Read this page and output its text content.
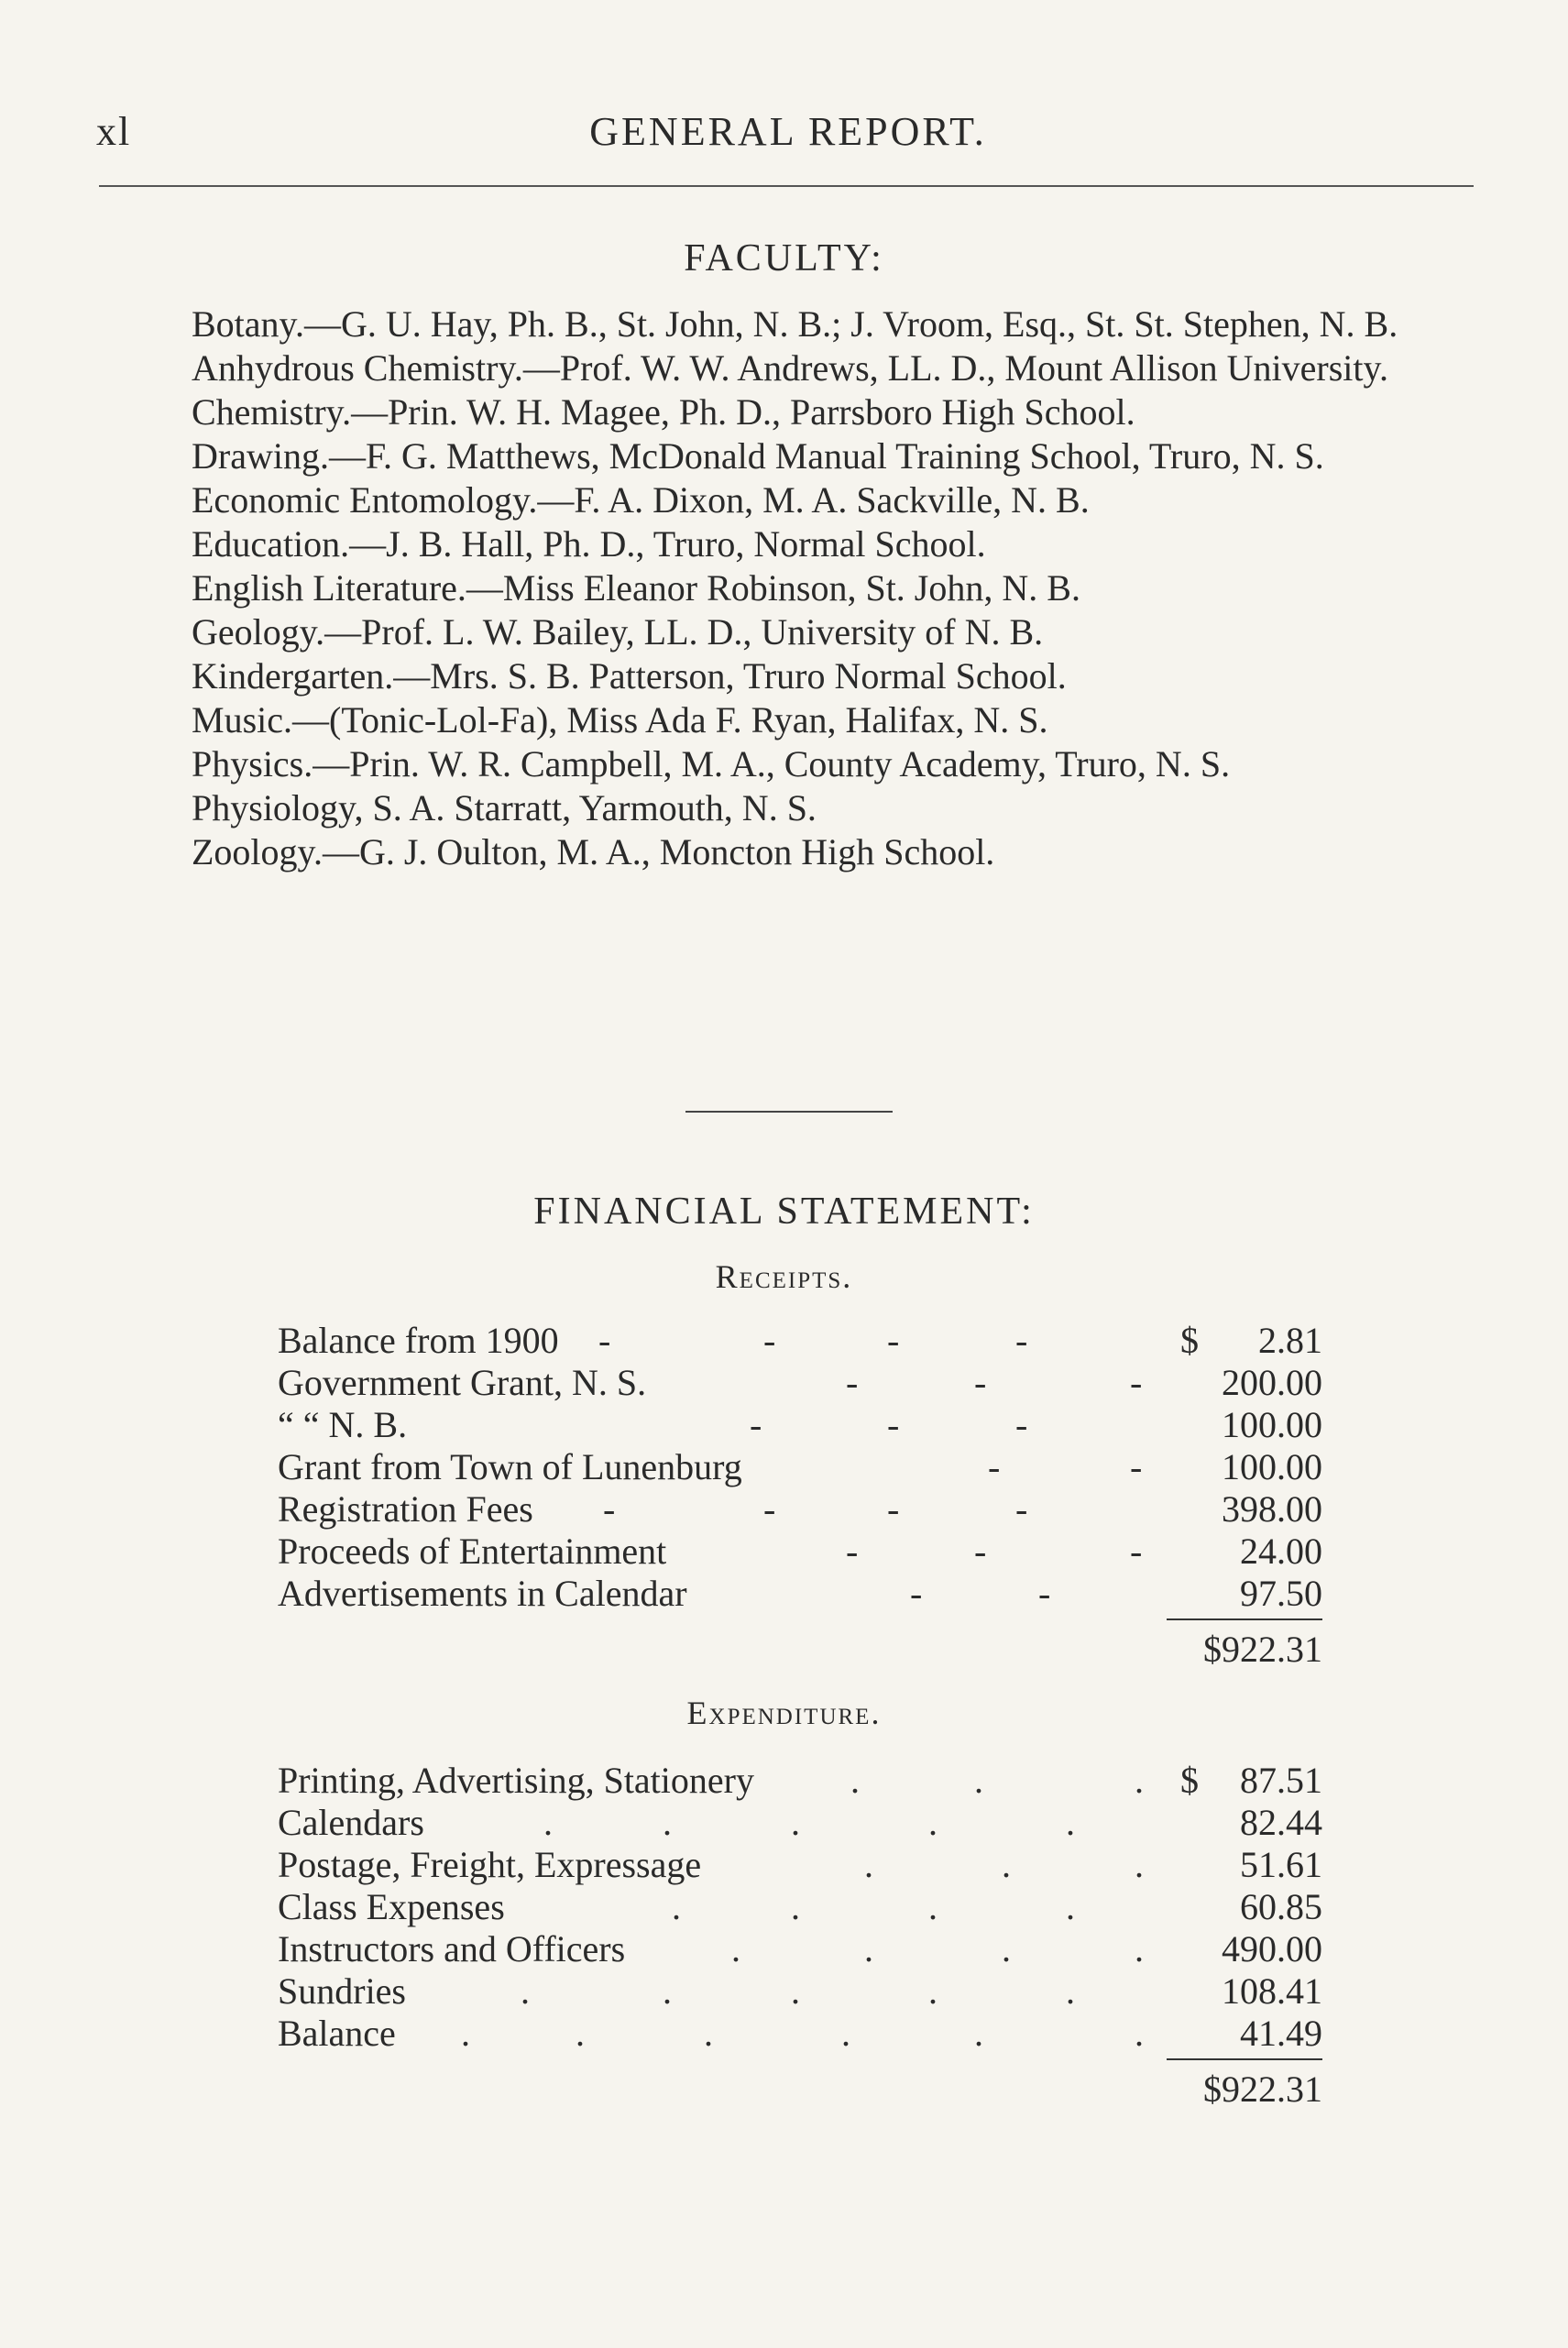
xl	GENERAL REPORT.
FACULTY:

Botany.—G. U. Hay, Ph. B., St. John, N. B.; J. Vroom, Esq., St. St. Stephen, N. B.

Anhydrous Chemistry.—Prof. W. W. Andrews, LL. D., Mount Allison University.

Chemistry.—Prin. W. H. Magee, Ph. D., Parrsboro High School.

Drawing.—F. G. Matthews, McDonald Manual Training School, Truro, N. S.

Economic Entomology.—F. A. Dixon, M. A. Sackville, N. B.

Education.—J. B. Hall, Ph. D., Truro, Normal School.

English Literature.—Miss Eleanor Robinson, St. John, N. B.

Geology.—Prof. L. W. Bailey, LL. D., University of N. B.

Kindergarten.—Mrs. S. B. Patterson, Truro Normal School.

Music.—(Tonic-Lol-Fa), Miss Ada F. Ryan, Halifax, N. S.

Physics.—Prin. W. R. Campbell, M. A., County Academy, Truro, N. S.

Physiology, S. A. Starratt, Yarmouth, N. S.

Zoology.—G. J. Oulton, M. A., Moncton High School.

FINANCIAL STATEMENT:
Receipts.
-	-	-	-
Balance from 1900	$	2.81
-	-	-
Government Grant, N. S.	200.00
-	-	-
“ “ N. B.	100.00
-	-
Grant from Town of Lunenburg	100.00
-	-	-	-
Registration Fees	398.00
-	-	-
Proceeds of Entertainment	24.00
-	-
Advertisements in Calendar	97.50
$922.31
Expenditure.
.	.	.
Printing, Advertising, Stationery	$	87.51
.	.	.	.	.
Calendars	82.44
.	.	.
Postage, Freight, Expressage	51.61
.	.	.	.
Class Expenses	60.85
.	.	.	.
Instructors and Officers	490.00
.	.	.	.	.
Sundries	108.41
.	.	.	.	.	.
Balance	41.49
$922.31
